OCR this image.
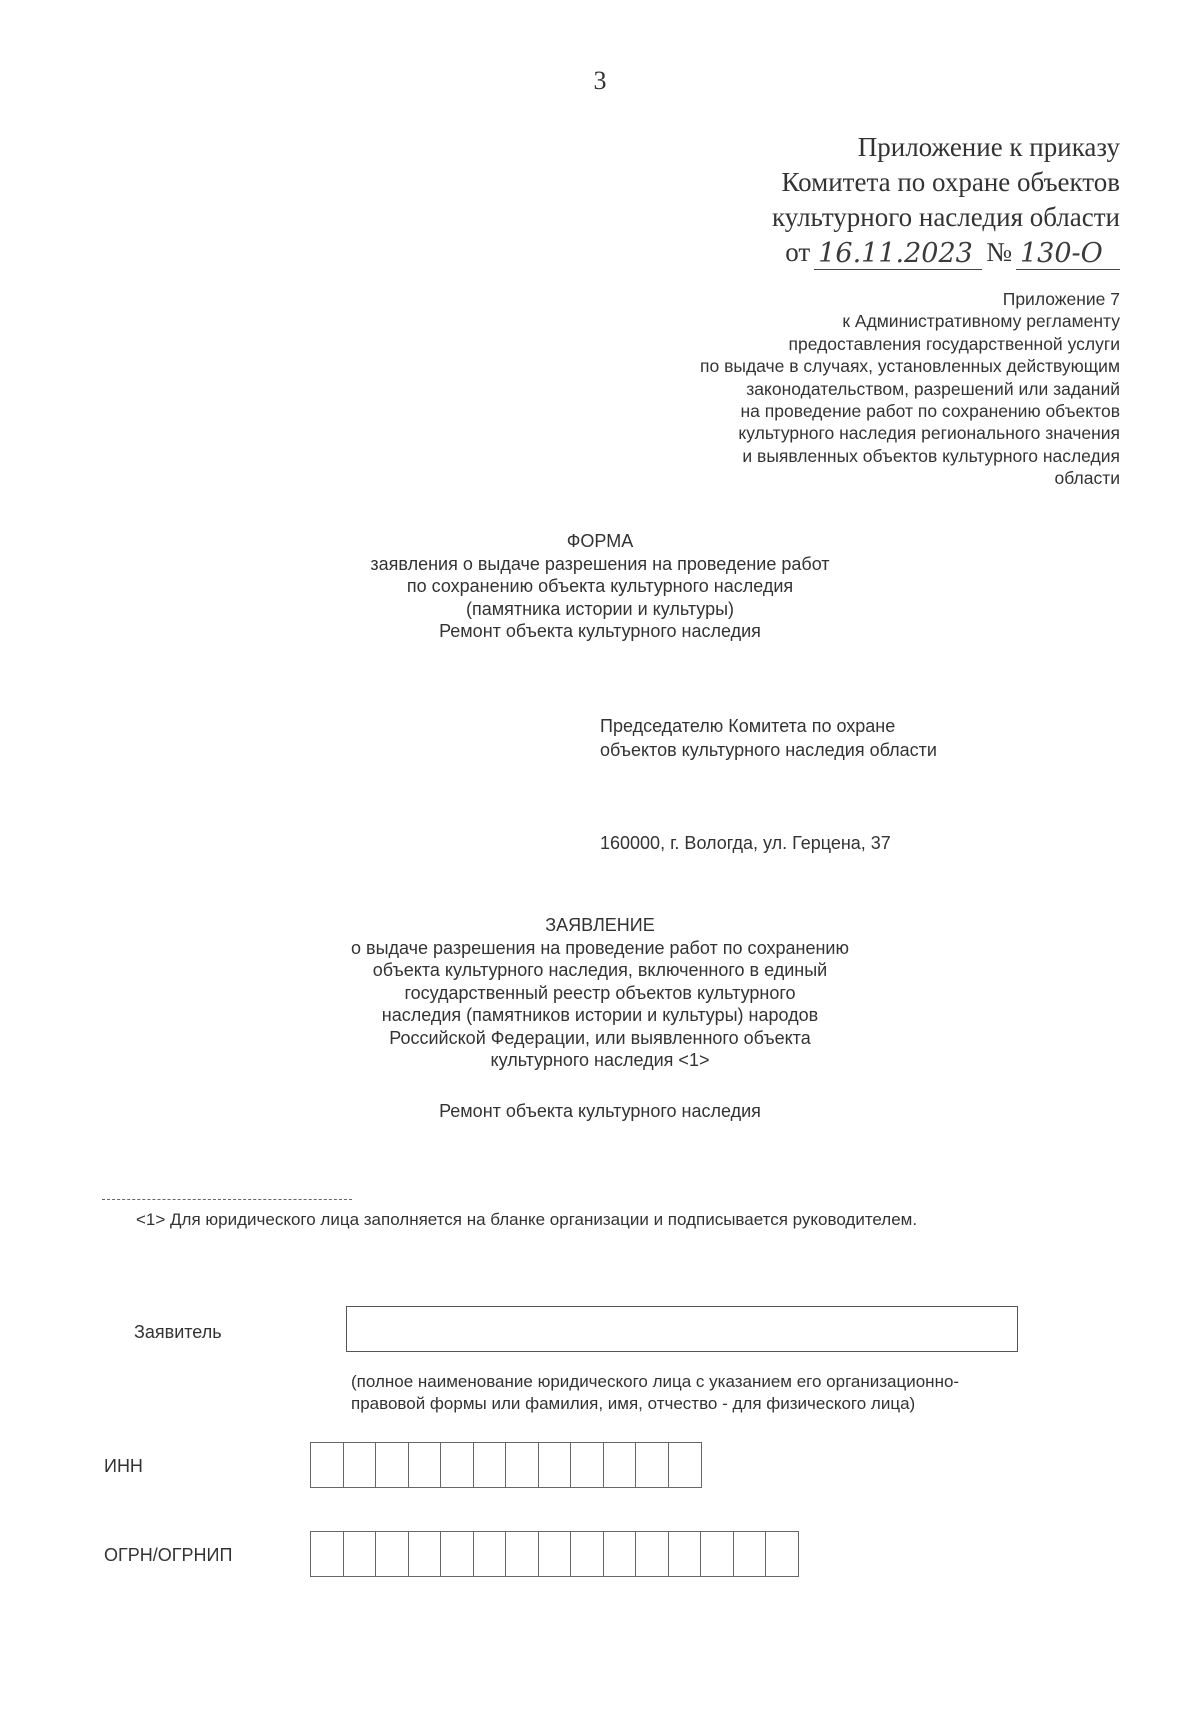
3
Приложение к приказу
Комитета по охране объектов
культурного наследия области
от 16.11.2023 № 130-О
Приложение 7
к Административному регламенту
предоставления государственной услуги
по выдаче в случаях, установленных действующим
законодательством, разрешений или заданий
на проведение работ по сохранению объектов
культурного наследия регионального значения
и выявленных объектов культурного наследия
области
ФОРМА
заявления о выдаче разрешения на проведение работ
по сохранению объекта культурного наследия
(памятника истории и культуры)
Ремонт объекта культурного наследия
Председателю Комитета по охране
объектов культурного наследия области
160000, г. Вологда, ул. Герцена, 37
ЗАЯВЛЕНИЕ
о выдаче разрешения на проведение работ по сохранению
объекта культурного наследия, включенного в единый
государственный реестр объектов культурного
наследия (памятников истории и культуры) народов
Российской Федерации, или выявленного объекта
культурного наследия <1>
Ремонт объекта культурного наследия
<1> Для юридического лица заполняется на бланке организации и подписывается руководителем.
Заявитель
(полное наименование юридического лица с указанием его организационно-правовой формы или фамилия, имя, отчество - для физического лица)
ИНН
ОГРН/ОГРНИП
